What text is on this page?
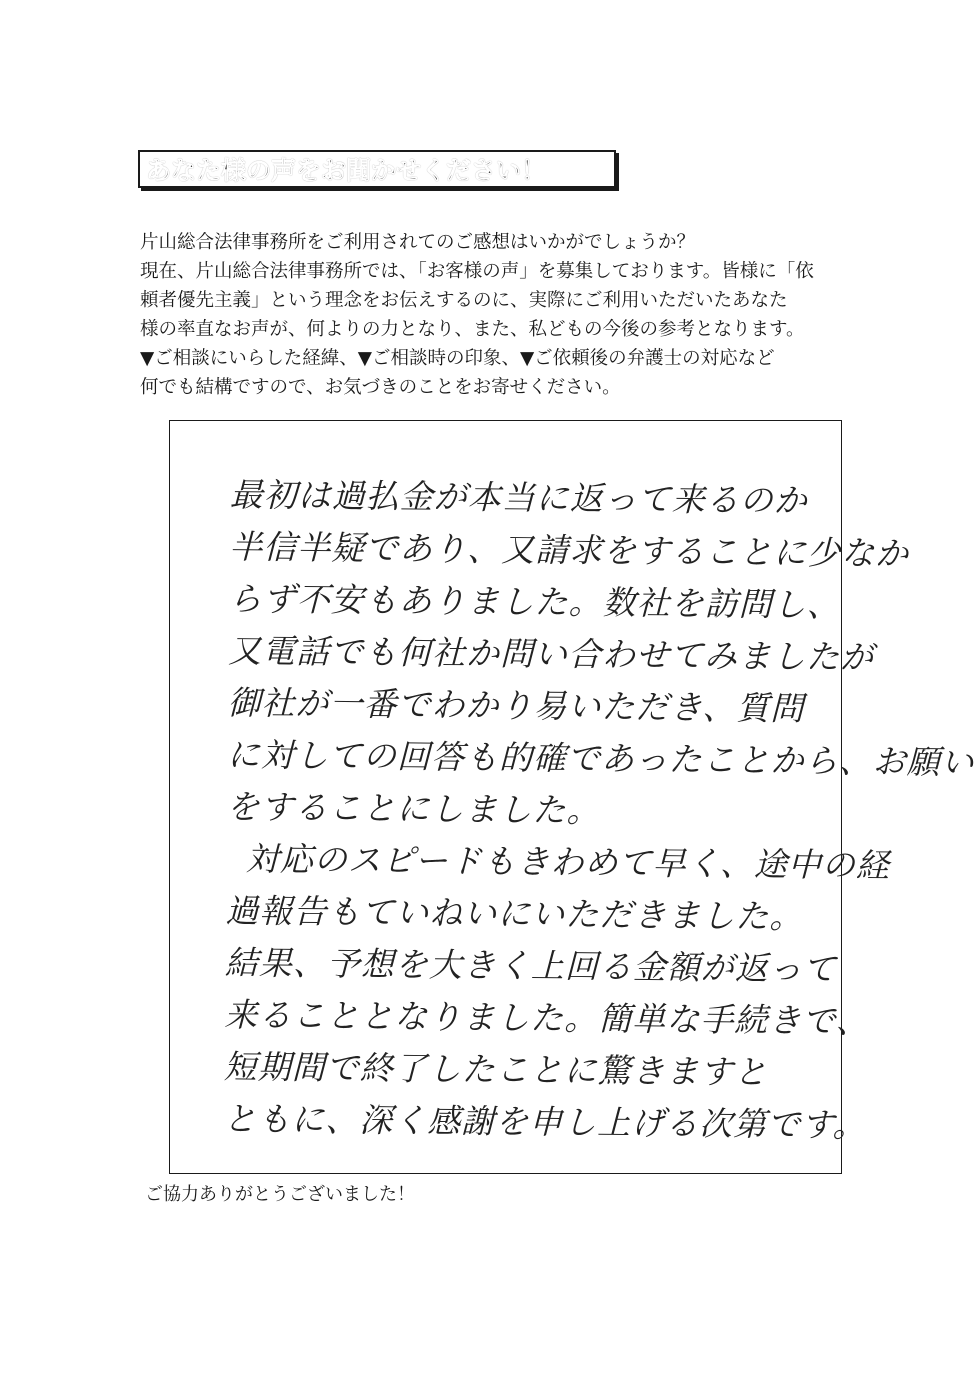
あなた様の声をお聞かせください！
片山総合法律事務所をご利用されてのご感想はいかがでしょうか？
現在、片山総合法律事務所では、「お客様の声」を募集しております。皆様に「依
頼者優先主義」という理念をお伝えするのに、実際にご利用いただいたあなた
様の率直なお声が、何よりの力となり、また、私どもの今後の参考となります。
▼ご相談にいらした経緯、▼ご相談時の印象、▼ご依頼後の弁護士の対応など
何でも結構ですので、お気づきのことをお寄せください。
最初は過払金が本当に返って来るのか
半信半疑であり、又請求をすることに少なか
らず不安もありました。数社を訪問し、
又電話でも何社か問い合わせてみましたが
御社が一番でわかり易いただき、質問
に対しての回答も的確であったことから、お願い
をすることにしました。
対応のスピードもきわめて早く、途中の経
過報告もていねいにいただきました。
結果、予想を大きく上回る金額が返って
来ることとなりました。簡単な手続きで、
短期間で終了したことに驚きますと
ともに、深く感謝を申し上げる次第です。
ご協力ありがとうございました！
